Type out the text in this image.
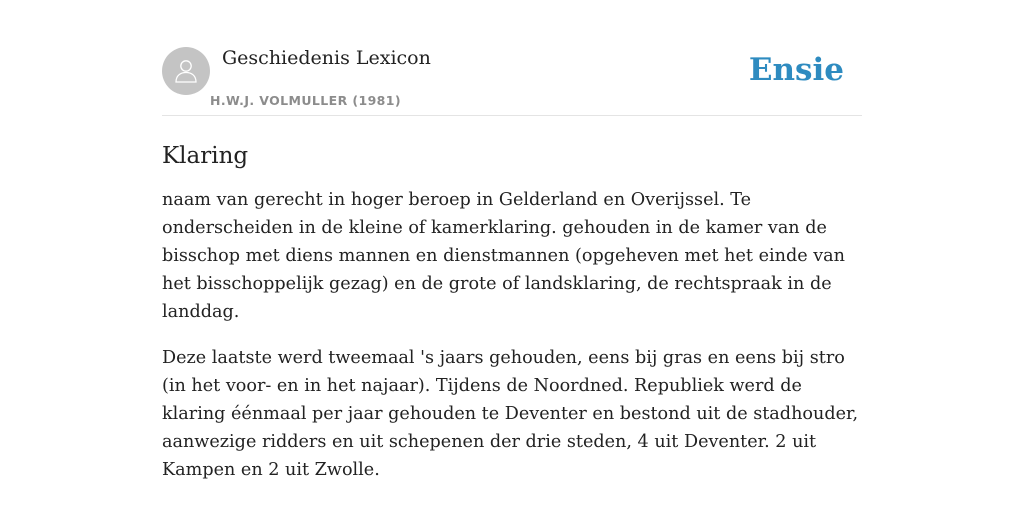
Geschiedenis Lexicon
H.W.J. VOLMULLER (1981)
Ensie
Klaring

naam van gerecht in hoger beroep in Gelderland en Overijssel. Te onderscheiden in de kleine of kamerklaring. gehouden in de kamer van de bisschop met diens mannen en dienstmannen (opgeheven met het einde van het bisschoppelijk gezag) en de grote of landsklaring, de rechtspraak in de landdag.

Deze laatste werd tweemaal 's jaars gehouden, eens bij gras en eens bij stro (in het voor- en in het najaar). Tijdens de Noordned. Republiek werd de klaring éénmaal per jaar gehouden te Deventer en bestond uit de stadhouder, aanwezige ridders en uit schepenen der drie steden, 4 uit Deventer. 2 uit Kampen en 2 uit Zwolle.
